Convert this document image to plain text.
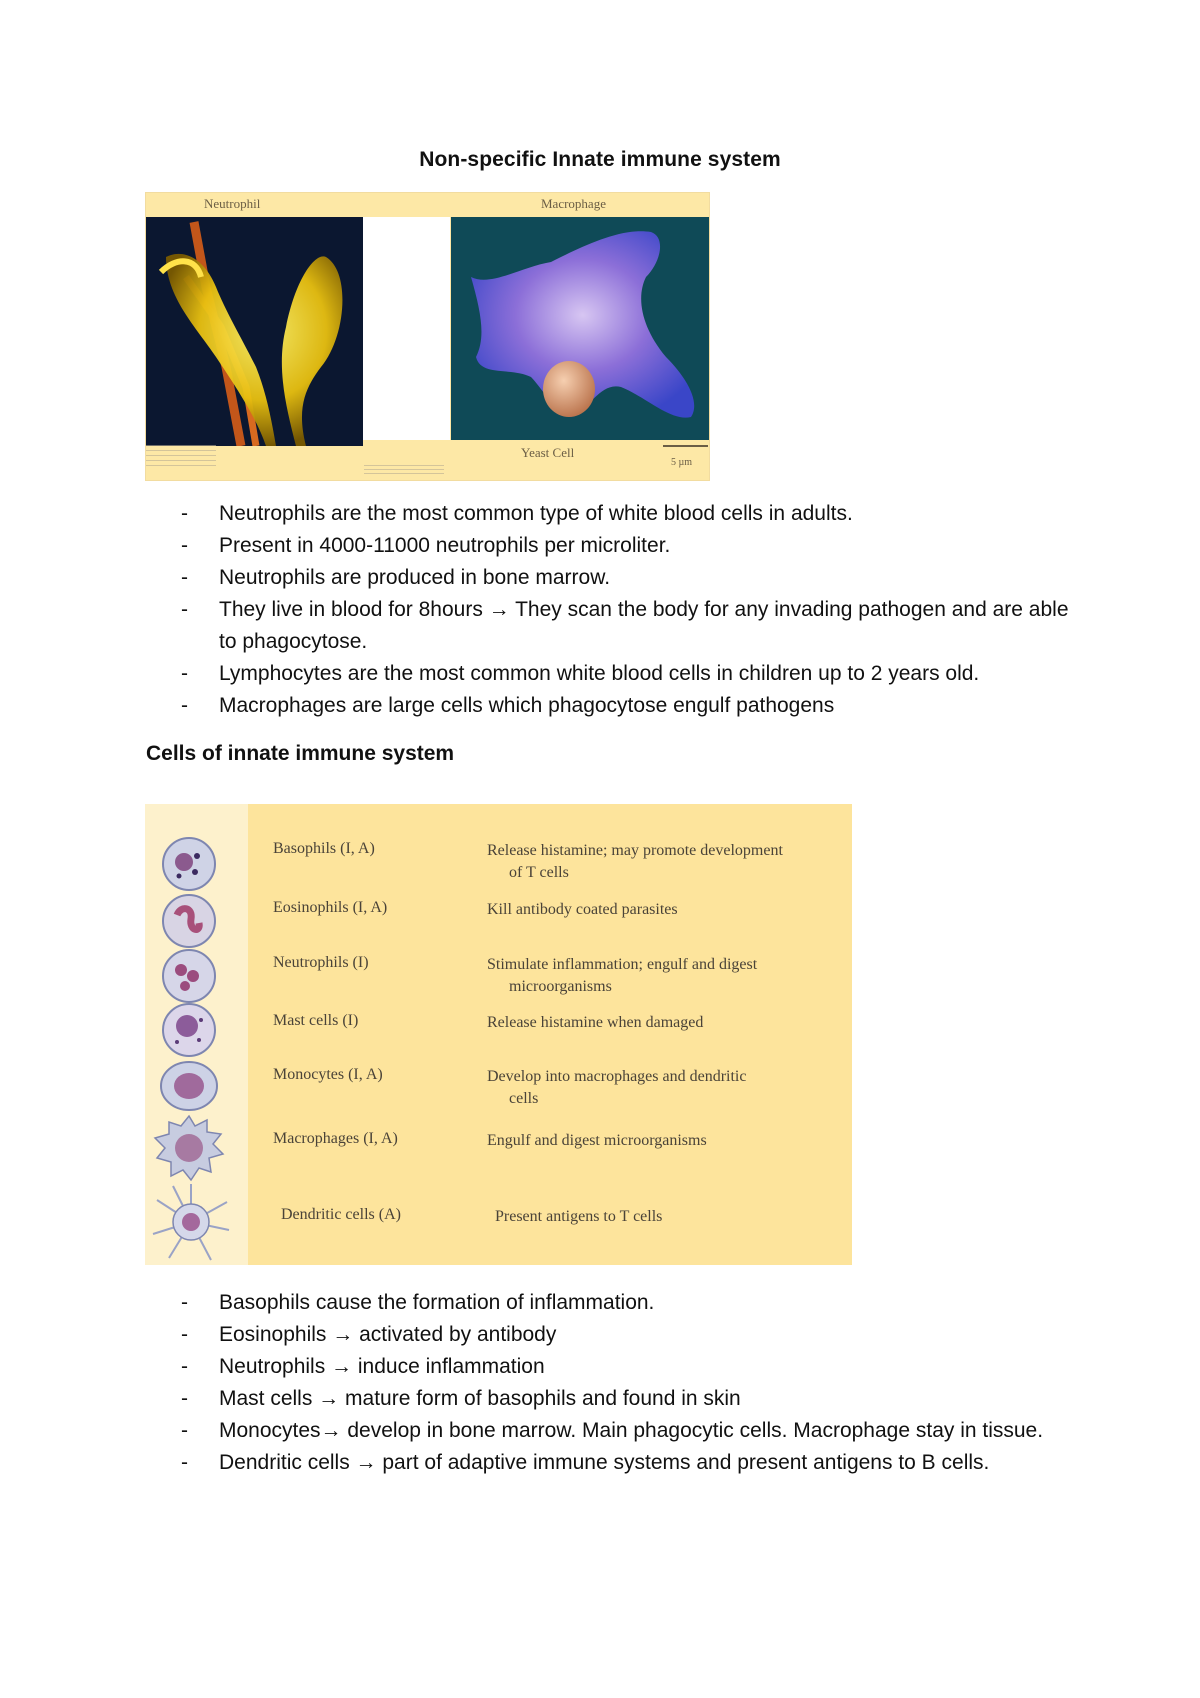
Non-specific Innate immune system
Neutrophil	Macrophage
Yeast Cell
5 µm
- Neutrophils are the most common type of white blood cells in adults.
- Present in 4000-11000 neutrophils per microliter.
- Neutrophils are produced in bone marrow.
- They live in blood for 8hours → They scan the body for any invading pathogen and are able to phagocytose.
- Lymphocytes are the most common white blood cells in children up to 2 years old.
- Macrophages are large cells which phagocytose engulf pathogens
Cells of innate immune system
Basophils (I, A)	Release histamine; may promote development
of T cells
Eosinophils (I, A)	Kill antibody coated parasites
Neutrophils (I)	Stimulate inflammation; engulf and digest
microorganisms
Mast cells (I)	Release histamine when damaged
Monocytes (I, A)	Develop into macrophages and dendritic
cells
Macrophages (I, A)	Engulf and digest microorganisms
Dendritic cells (A)	Present antigens to T cells
- Basophils cause the formation of inflammation.
- Eosinophils → activated by antibody
- Neutrophils → induce inflammation
- Mast cells → mature form of basophils and found in skin
- Monocytes→ develop in bone marrow. Main phagocytic cells. Macrophage stay in tissue.
- Dendritic cells → part of adaptive immune systems and present antigens to B cells.
